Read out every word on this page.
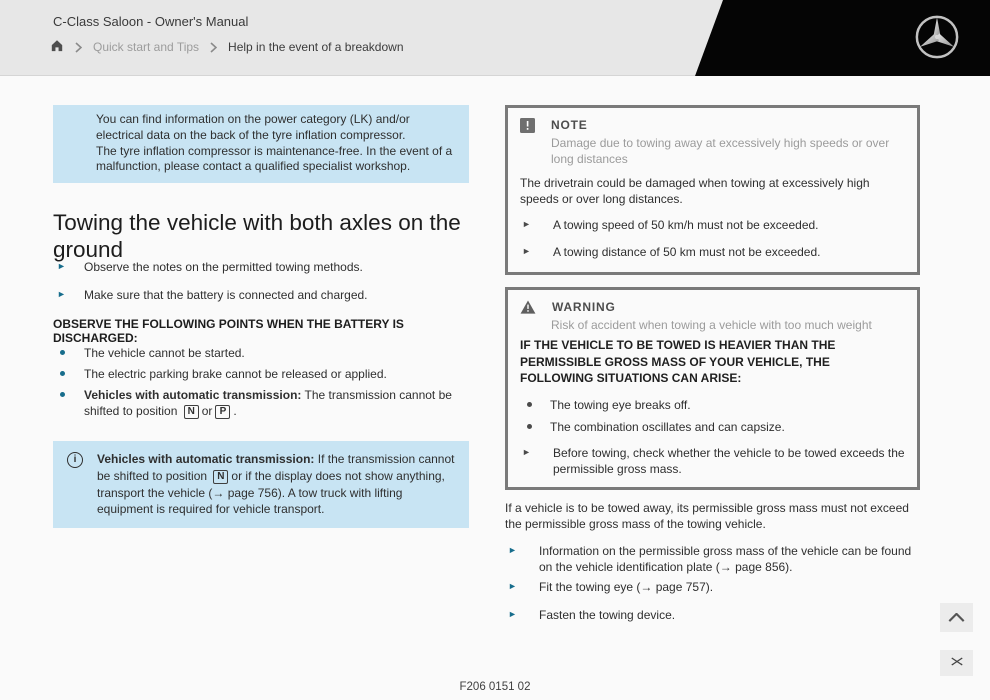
C-Class Saloon - Owner's Manual
Quick start and Tips Help in the event of a breakdown
You can find information on the power category (LK) and/or electrical data on the back of the tyre inflation compressor.
The tyre inflation compressor is maintenance-free. In the event of a malfunction, please contact a qualified specialist workshop.
Towing the vehicle with both axles on the ground
►	Observe the notes on the permitted towing methods.
►	Make sure that the battery is connected and charged.
OBSERVE THE FOLLOWING POINTS WHEN THE BATTERY IS DISCHARGED:
The vehicle cannot be started.
The electric parking brake cannot be released or applied.
Vehicles with automatic transmission: The transmission cannot be shifted to position N or P .
i	Vehicles with automatic transmission: If the transmission cannot be shifted to position N or if the display does not show anything, transport the vehicle (→ page 756). A tow truck with lifting equipment is required for vehicle transport.
NOTE
Damage due to towing away at excessively high speeds or over long distances
The drivetrain could be damaged when towing at excessively high speeds or over long distances.
►	A towing speed of 50 km/h must not be exceeded.
►	A towing distance of 50 km must not be exceeded.
WARNING
Risk of accident when towing a vehicle with too much weight
IF THE VEHICLE TO BE TOWED IS HEAVIER THAN THE PERMISSIBLE GROSS MASS OF YOUR VEHICLE, THE FOLLOWING SITUATIONS CAN ARISE:
The towing eye breaks off.
The combination oscillates and can capsize.
►	Before towing, check whether the vehicle to be towed exceeds the permissible gross mass.
If a vehicle is to be towed away, its permissible gross mass must not exceed the permissible gross mass of the towing vehicle.
►	Information on the permissible gross mass of the vehicle can be found on the vehicle identification plate (→ page 856).
►	Fit the towing eye (→ page 757).
►	Fasten the towing device.
F206 0151 02
